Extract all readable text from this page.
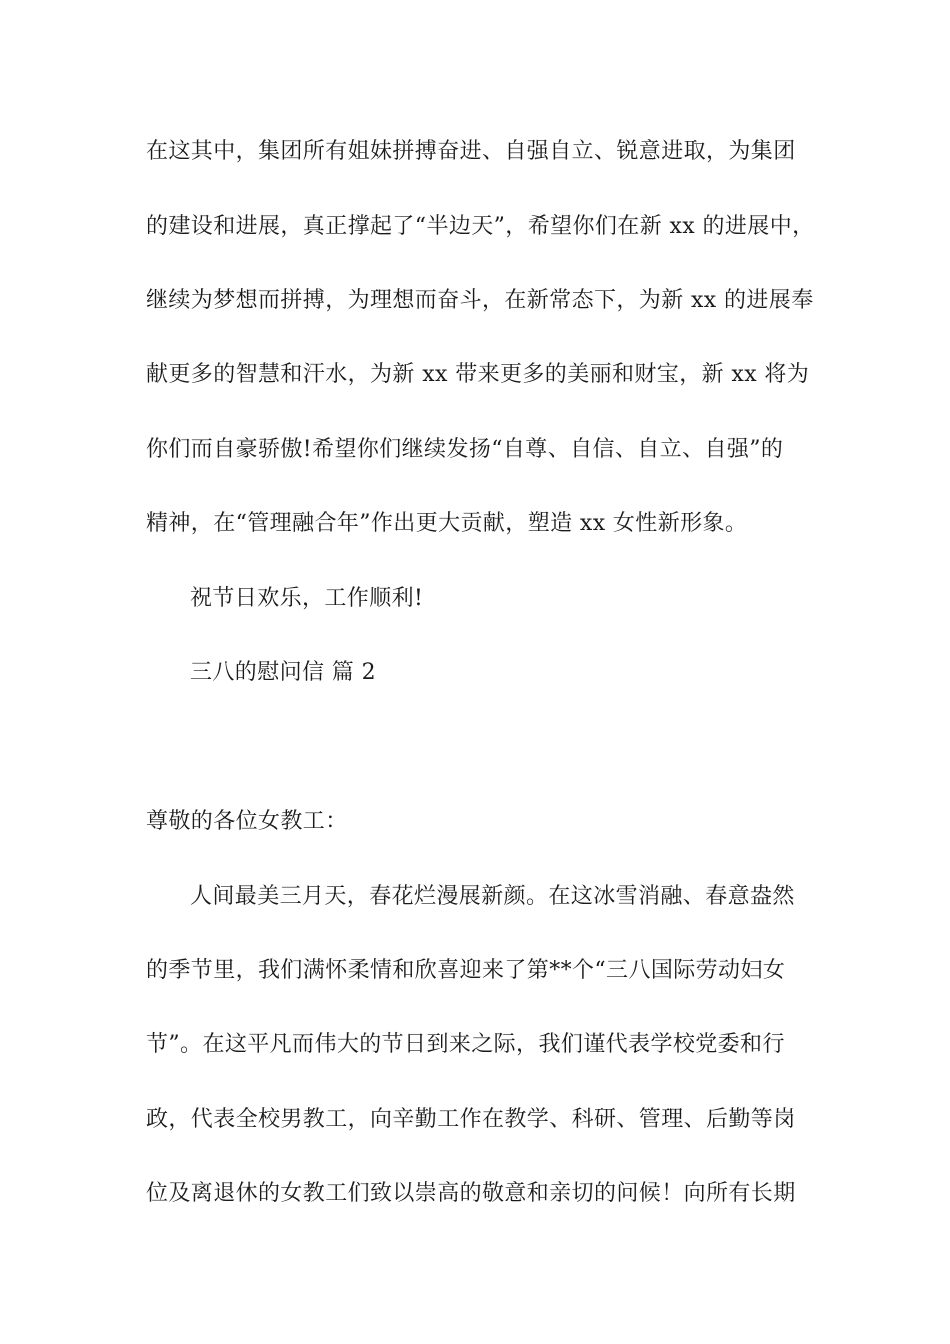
在这其中，集团所有姐妹拼搏奋进、自强自立、锐意进取，为集团
的建设和进展，真正撑起了“半边天”，希望你们在新 xx 的进展中，
继续为梦想而拼搏，为理想而奋斗，在新常态下，为新 xx 的进展奉
献更多的智慧和汗水，为新 xx 带来更多的美丽和财宝，新 xx 将为
你们而自豪骄傲!希望你们继续发扬“自尊、自信、自立、自强”的
精神，在“管理融合年”作出更大贡献，塑造 xx 女性新形象。
祝节日欢乐，工作顺利!
三八的慰问信 篇 2
尊敬的各位女教工：
人间最美三月天，春花烂漫展新颜。在这冰雪消融、春意盎然
的季节里，我们满怀柔情和欣喜迎来了第**个“三八国际劳动妇女
节”。在这平凡而伟大的节日到来之际，我们谨代表学校党委和行
政，代表全校男教工，向辛勤工作在教学、科研、管理、后勤等岗
位及离退休的女教工们致以崇高的敬意和亲切的问候！向所有长期
